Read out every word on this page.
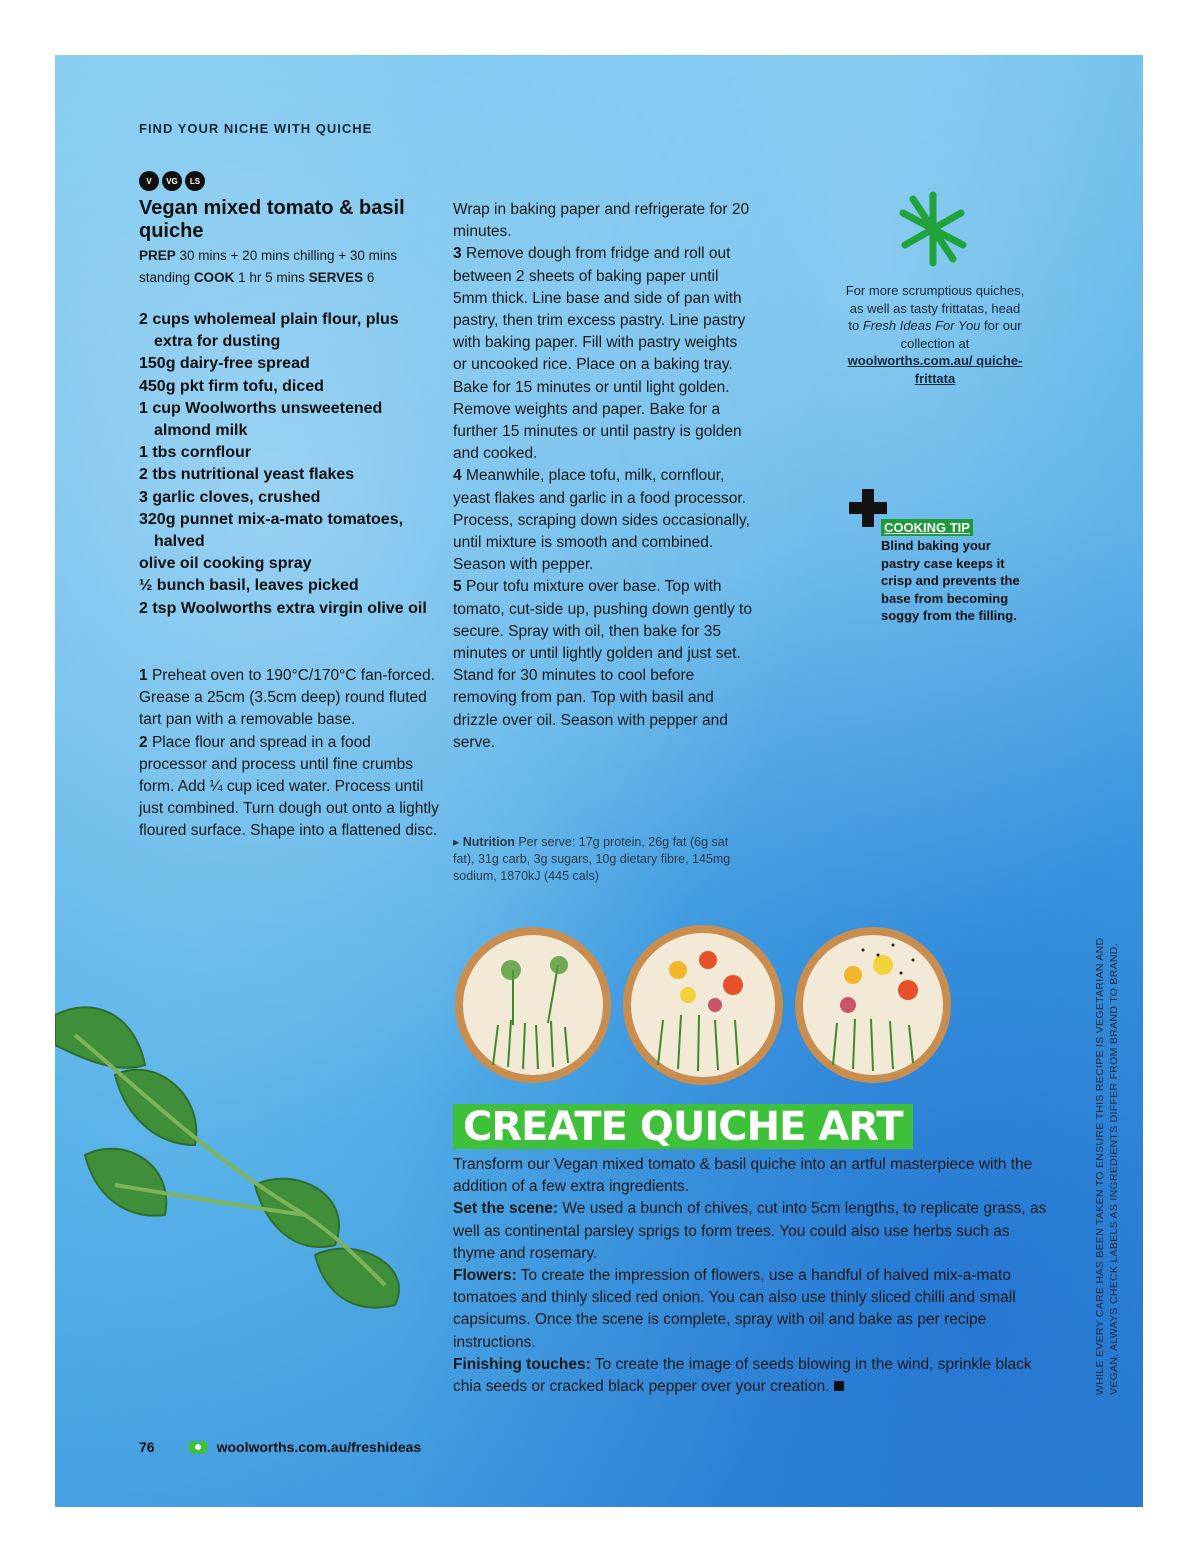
FIND YOUR NICHE WITH QUICHE
V	VG	LS
Vegan mixed tomato & basil quiche
PREP 30 mins + 20 mins chilling + 30 mins standing COOK 1 hr 5 mins SERVES 6
2 cups wholemeal plain flour, plus extra for dusting
150g dairy-free spread
450g pkt firm tofu, diced
1 cup Woolworths unsweetened almond milk
1 tbs cornflour
2 tbs nutritional yeast flakes
3 garlic cloves, crushed
320g punnet mix-a-mato tomatoes, halved
olive oil cooking spray
½ bunch basil, leaves picked
2 tsp Woolworths extra virgin olive oil

1 Preheat oven to 190°C/170°C fan-forced. Grease a 25cm (3.5cm deep) round fluted tart pan with a removable base.

2 Place flour and spread in a food processor and process until fine crumbs form. Add ¼ cup iced water. Process until just combined. Turn dough out onto a lightly floured surface. Shape into a flattened disc.

Wrap in baking paper and refrigerate for 20 minutes.

3 Remove dough from fridge and roll out between 2 sheets of baking paper until 5mm thick. Line base and side of pan with pastry, then trim excess pastry. Line pastry with baking paper. Fill with pastry weights or uncooked rice. Place on a baking tray. Bake for 15 minutes or until light golden. Remove weights and paper. Bake for a further 15 minutes or until pastry is golden and cooked.

4 Meanwhile, place tofu, milk, cornflour, yeast flakes and garlic in a food processor. Process, scraping down sides occasionally, until mixture is smooth and combined. Season with pepper.

5 Pour tofu mixture over base. Top with tomato, cut-side up, pushing down gently to secure. Spray with oil, then bake for 35 minutes or until lightly golden and just set. Stand for 30 minutes to cool before removing from pan. Top with basil and drizzle over oil. Season with pepper and serve.

▸ Nutrition Per serve: 17g protein, 26g fat (6g sat fat), 31g carb, 3g sugars, 10g dietary fibre, 145mg sodium, 1870kJ (445 cals)
For more scrumptious quiches, as well as tasty frittatas, head to Fresh Ideas For You for our collection at
woolworths.com.au/ quiche-frittata
COOKING TIP
Blind baking your pastry case keeps it crisp and prevents the base from becoming soggy from the filling.
CREATE QUICHE ART
Transform our Vegan mixed tomato & basil quiche into an artful masterpiece with the addition of a few extra ingredients.
Set the scene: We used a bunch of chives, cut into 5cm lengths, to replicate grass, as well as continental parsley sprigs to form trees. You could also use herbs such as thyme and rosemary.
Flowers: To create the impression of flowers, use a handful of halved mix-a-mato tomatoes and thinly sliced red onion. You can also use thinly sliced chilli and small capsicums. Once the scene is complete, spray with oil and bake as per recipe instructions.
Finishing touches: To create the image of seeds blowing in the wind, sprinkle black chia seeds or cracked black pepper over your creation.	WHILE EVERY CARE HAS BEEN TAKEN TO ENSURE THIS RECIPE IS VEGETARIAN AND VEGAN, ALWAYS CHECK LABELS AS INGREDIENTS DIFFER FROM BRAND TO BRAND.
76	woolworths.com.au/freshideas
